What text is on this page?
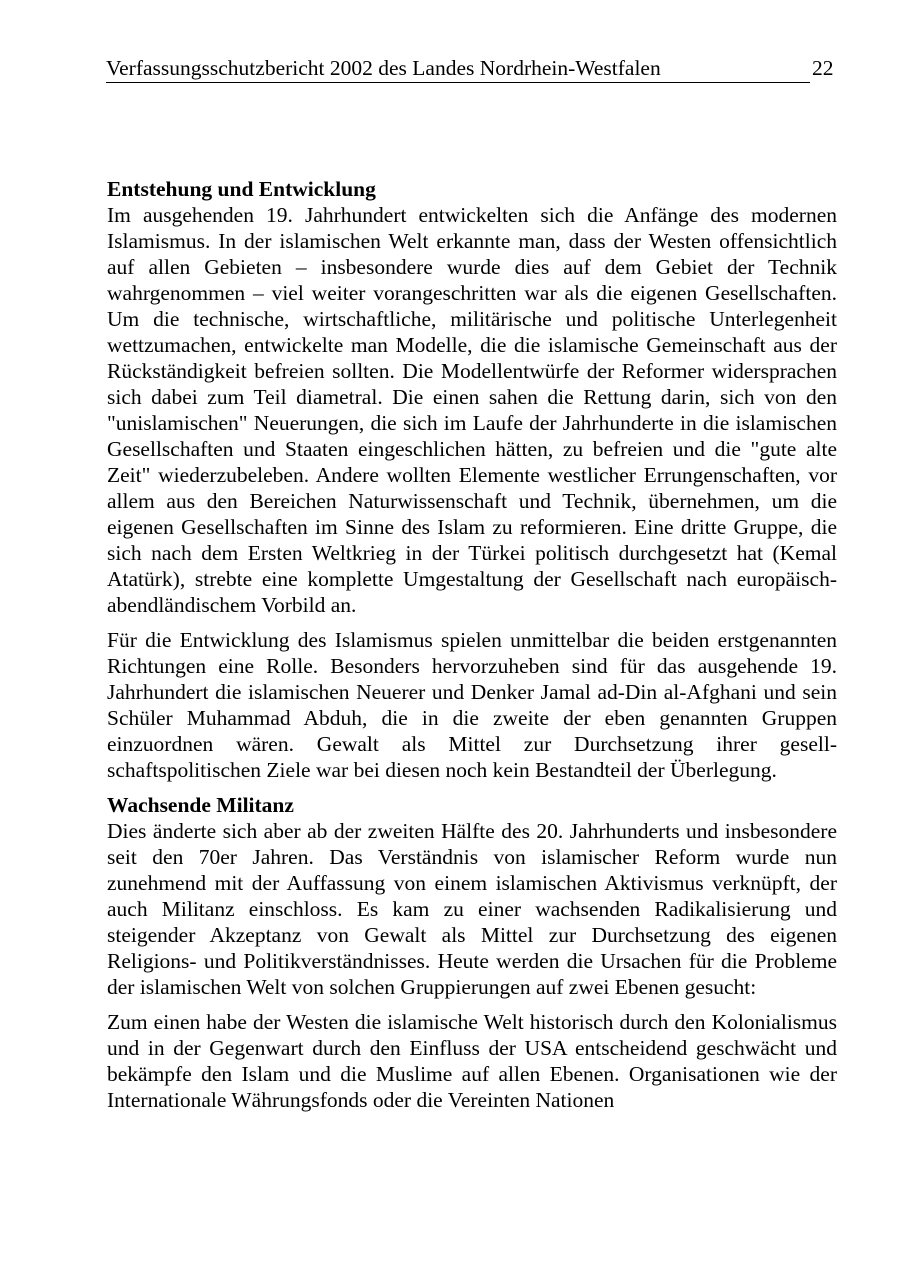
Verfassungsschutzbericht 2002 des Landes Nordrhein-Westfalen	22
Entstehung und Entwicklung

Im ausgehenden 19. Jahrhundert entwickelten sich die Anfänge des modernen Islamismus. In der islamischen Welt erkannte man, dass der Westen offensichtlich auf allen Gebieten – insbesondere wurde dies auf dem Gebiet der Technik wahrgenommen – viel weiter vorangeschritten war als die eigenen Gesellschaften. Um die technische, wirtschaftliche, militärische und politische Unterlegenheit wettzumachen, entwickelte man Modelle, die die islamische Gemeinschaft aus der Rückständigkeit befreien sollten. Die Modellentwürfe der Reformer widersprachen sich dabei zum Teil diametral. Die einen sahen die Rettung darin, sich von den "unislamischen" Neuerungen, die sich im Laufe der Jahrhunderte in die islamischen Gesellschaften und Staaten eingeschlichen hätten, zu befreien und die "gute alte Zeit" wiederzubeleben. Andere wollten Elemente westlicher Errungenschaften, vor allem aus den Bereichen Naturwissenschaft und Technik, übernehmen, um die eigenen Gesellschaften im Sinne des Islam zu reformieren. Eine dritte Gruppe, die sich nach dem Ersten Weltkrieg in der Türkei politisch durchgesetzt hat (Kemal Atatürk), strebte eine komplette Umgestaltung der Gesellschaft nach europäisch-abendländischem Vorbild an.

Für die Entwicklung des Islamismus spielen unmittelbar die beiden erstgenannten Richtungen eine Rolle. Besonders hervorzuheben sind für das ausgehende 19. Jahrhundert die islamischen Neuerer und Denker Jamal ad-Din al-Afghani und sein Schüler Muhammad Abduh, die in die zweite der eben genannten Gruppen einzuordnen wären. Gewalt als Mittel zur Durchsetzung ihrer gesellschaftspolitischen Ziele war bei diesen noch kein Bestandteil der Überlegung.

Wachsende Militanz

Dies änderte sich aber ab der zweiten Hälfte des 20. Jahrhunderts und insbesondere seit den 70er Jahren. Das Verständnis von islamischer Reform wurde nun zunehmend mit der Auffassung von einem islamischen Aktivismus verknüpft, der auch Militanz einschloss. Es kam zu einer wachsenden Radikalisierung und steigender Akzeptanz von Gewalt als Mittel zur Durchsetzung des eigenen Religions- und Politikverständnisses. Heute werden die Ursachen für die Probleme der islamischen Welt von solchen Gruppierungen auf zwei Ebenen gesucht:

Zum einen habe der Westen die islamische Welt historisch durch den Kolonialismus und in der Gegenwart durch den Einfluss der USA entscheidend geschwächt und bekämpfe den Islam und die Muslime auf allen Ebenen. Organisationen wie der Internationale Währungsfonds oder die Vereinten Nationen
